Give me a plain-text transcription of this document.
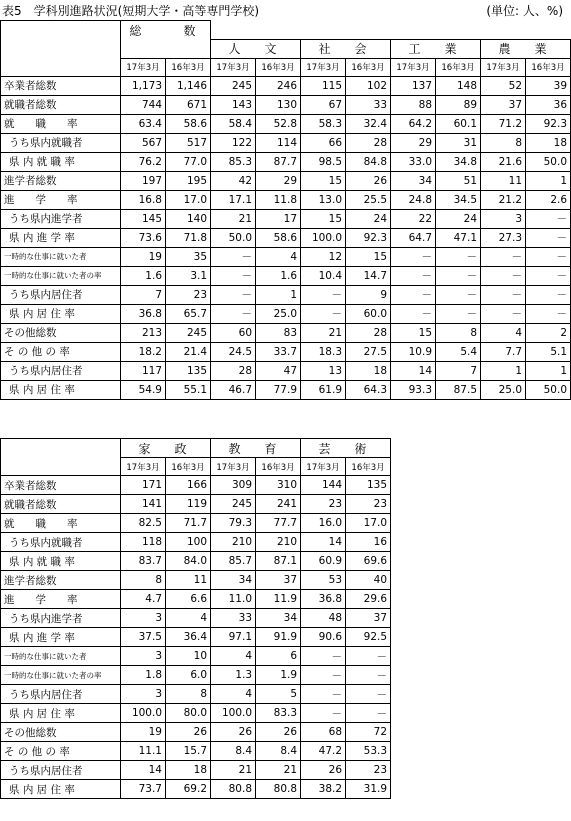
表5　学科別進路状況(短期大学・高等専門学校)	(単位: 人、%)
	総　　数									
			人　文		社　会		工　業		農　業	
	17年3月	16年3月	17年3月	16年3月	17年3月	16年3月	17年3月	16年3月	17年3月	16年3月
卒業者総数	1,173	1,146	245	246	115	102	137	148	52	39
就職者総数	744	671	143	130	67	33	88	89	37	36
就　　職　　率	63.4	58.6	58.4	52.8	58.3	32.4	64.2	60.1	71.2	92.3
うち県内就職者	567	517	122	114	66	28	29	31	8	18
県 内 就 職 率	76.2	77.0	85.3	87.7	98.5	84.8	33.0	34.8	21.6	50.0
進学者総数	197	195	42	29	15	26	34	51	11	1
進　　学　　率	16.8	17.0	17.1	11.8	13.0	25.5	24.8	34.5	21.2	2.6
うち県内進学者	145	140	21	17	15	24	22	24	3	－
県 内 進 学 率	73.6	71.8	50.0	58.6	100.0	92.3	64.7	47.1	27.3	－
一時的な仕事に就いた者	19	35	－	4	12	15	－	－	－	－
一時的な仕事に就いた者の率	1.6	3.1	－	1.6	10.4	14.7	－	－	－	－
うち県内居住者	7	23	－	1	－	9	－	－	－	－
県 内 居 住 率	36.8	65.7	－	25.0	－	60.0	－	－	－	－
その他総数	213	245	60	83	21	28	15	8	4	2
そ の 他 の 率	18.2	21.4	24.5	33.7	18.3	27.5	10.9	5.4	7.7	5.1
うち県内居住者	117	135	28	47	13	18	14	7	1	1
県 内 居 住 率	54.9	55.1	46.7	77.9	61.9	64.3	93.3	87.5	25.0	50.0
	家　政		教　育		芸　術	
	17年3月	16年3月	17年3月	16年3月	17年3月	16年3月
卒業者総数	171	166	309	310	144	135
就職者総数	141	119	245	241	23	23
就　　職　　率	82.5	71.7	79.3	77.7	16.0	17.0
うち県内就職者	118	100	210	210	14	16
県 内 就 職 率	83.7	84.0	85.7	87.1	60.9	69.6
進学者総数	8	11	34	37	53	40
進　　学　　率	4.7	6.6	11.0	11.9	36.8	29.6
うち県内進学者	3	4	33	34	48	37
県 内 進 学 率	37.5	36.4	97.1	91.9	90.6	92.5
一時的な仕事に就いた者	3	10	4	6	－	－
一時的な仕事に就いた者の率	1.8	6.0	1.3	1.9	－	－
うち県内居住者	3	8	4	5	－	－
県 内 居 住 率	100.0	80.0	100.0	83.3	－	－
その他総数	19	26	26	26	68	72
そ の 他 の 率	11.1	15.7	8.4	8.4	47.2	53.3
うち県内居住者	14	18	21	21	26	23
県 内 居 住 率	73.7	69.2	80.8	80.8	38.2	31.9
